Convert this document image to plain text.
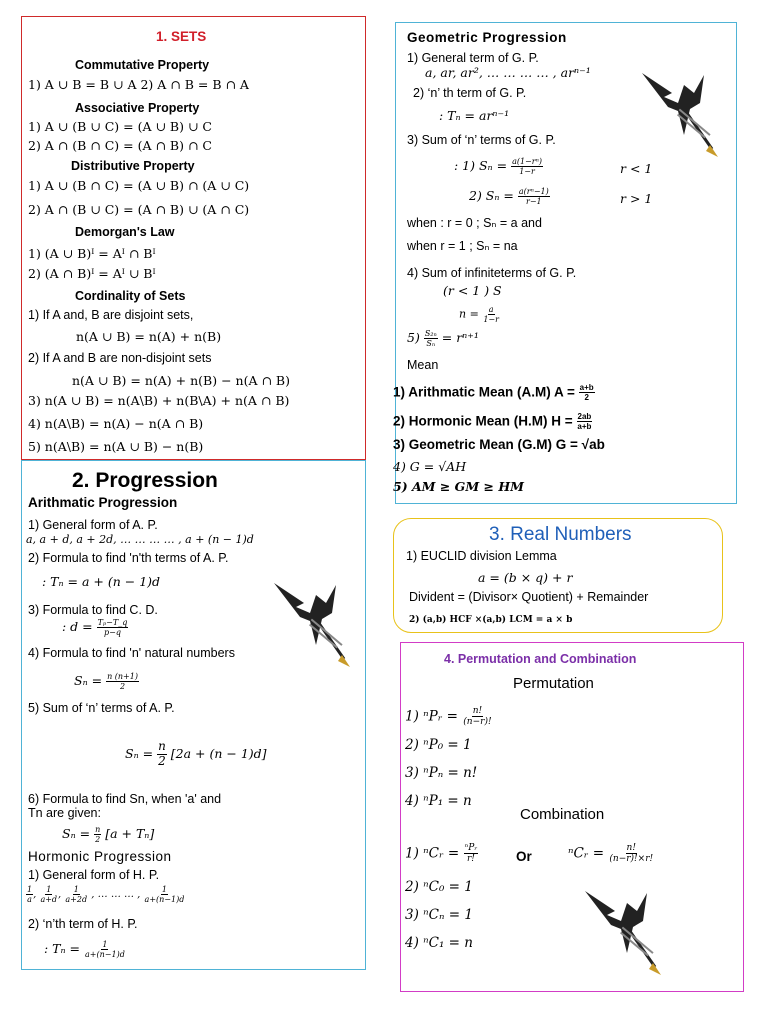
1. SETS
Commutative Property
1) A ∪ B = B ∪ A 2) A ∩ B = B ∩ A
Associative Property
1) A ∪ (B ∪ C) = (A ∪ B) ∪ C
2) A ∩ (B ∩ C) = (A ∩ B) ∩ C
Distributive Property
1) A ∪ (B ∩ C) = (A ∪ B) ∩ (A ∪ C)
2) A ∩ (B ∪ C) = (A ∩ B) ∪ (A ∩ C)
Demorgan's Law
1) (A ∪ B)ᴵ = Aᴵ ∩ Bᴵ
2) (A ∩ B)ᴵ = Aᴵ ∪ Bᴵ
Cordinality of Sets
1) If A and, B are disjoint sets,
n(A ∪ B) = n(A) + n(B)
2) If A and B are non-disjoint sets
n(A ∪ B) = n(A) + n(B) − n(A ∩ B)
3) n(A ∪ B) = n(A\B) + n(B\A) + n(A ∩ B)
4) n(A\B) = n(A) − n(A ∩ B)
5) n(A\B) = n(A ∪ B) − n(B)
2. Progression
Arithmatic Progression
1) General form of A. P.
a, a + d, a + 2d, … … … … , a + (n − 1)d
2) Formula to find 'n'th terms of A. P.
: Tₙ = a + (n − 1)d
3) Formula to find C. D.
: $d = \frac{\text{Tₚ−T\_q}}{p-q}$
4) Formula to find 'n' natural numbers
$S_n = \frac{n (n+1)}{2}$
5) Sum of ‘n’ terms of A. P.
$S_n = \frac{n}{2} [2a + (n - 1)d]$
6) Formula to find Sn, when 'a' and
Tn are given:
$S_n = \frac{n}{2} [a + T_n]$
Hormonic Progression
1) General form of H. P.
$\frac{1}{a}$ , $\frac{1}{a+d}$ , $\frac{1}{a+2d}$ , … … … , $\frac{1}{a+(n-1)d}$
2) ‘n’th term of H. P.
: $T_n = \frac{1}{a+(n-1)d}$
Geometric Progression
1) General term of G. P.
a, ar, ar², … … … … , arⁿ⁻¹
2) ‘n’ th term of G. P.
: Tₙ = arⁿ⁻¹
3) Sum of ‘n’ terms of G. P.
: 1) $S_n = \frac{\text{a(1−rⁿ)}}{1-r}$	r < 1
2) $S_n = \frac{\text{a(rⁿ−1)}}{r-1}$	r > 1
when : r = 0 ; Sₙ = a and
when r = 1 ; Sₙ = na
4) Sum of infiniteterms of G. P.
(r < 1 ) S
$n = \frac{a}{1-r}$
$5) \frac{\text{S₂ₙ}}{\text{Sₙ}} = r^{n+1}$
Mean
1) Arithmatic Mean (A.M) $A = \frac{a+b}{2}$
2) Hormonic Mean (H.M) $H = \frac{2ab}{a+b}$
3) Geometric Mean (G.M) G = √ab
4) G = √AH
5) AM ≥ GM ≥ HM
3. Real Numbers
1) EUCLID division Lemma
a = (b × q) + r
Divident = (Divisor× Quotient) + Remainder
2) (a,b) HCF ×(a,b) LCM = a × b
4. Permutation and Combination
Permutation
1) ⁿPᵣ = $\frac{n!}{(n-r)!}$
2) ⁿP₀ = 1
3) ⁿPₙ = n!
4) ⁿP₁ = n
Combination
1) ⁿCᵣ = $\frac{\text{ⁿPᵣ}}{r!}$	Or	ⁿCᵣ = $\frac{n!}{(n-r)!\times r!}$
2) ⁿC₀ = 1
3) ⁿCₙ = 1
4) ⁿC₁ = n
